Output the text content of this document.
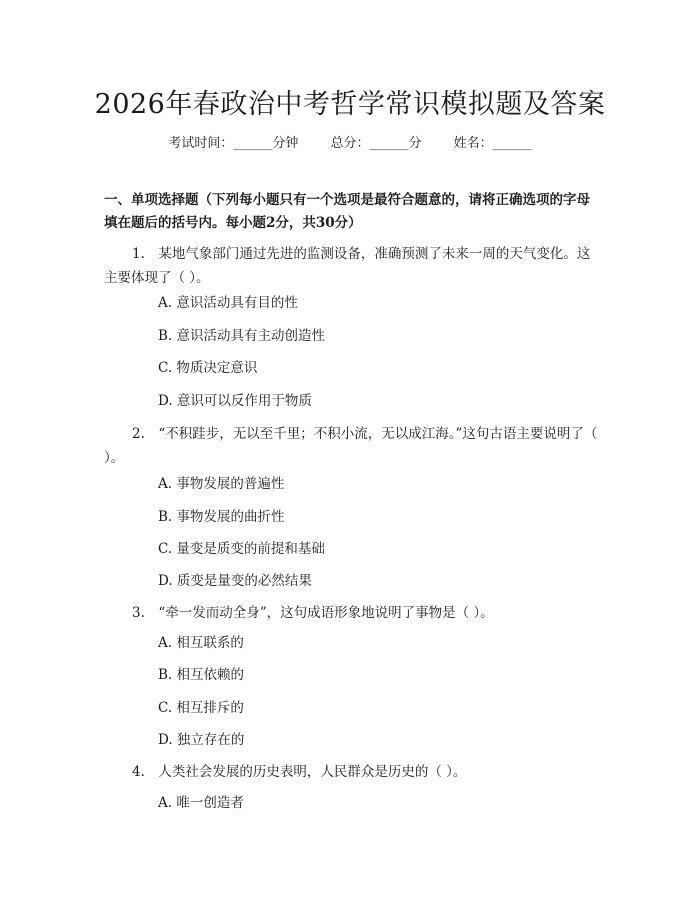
2026年春政治中考哲学常识模拟题及答案
考试时间：______分钟 总分：______分 姓名：______

一、单项选择题（下列每小题只有一个选项是最符合题意的，请将正确选项的字母填在题后的括号内。每小题2分，共30分）

1.　某地气象部门通过先进的监测设备，准确预测了未来一周的天气变化。这主要体现了（ ）。

A. 意识活动具有目的性

B. 意识活动具有主动创造性

C. 物质决定意识

D. 意识可以反作用于物质

2.　“不积跬步，无以至千里；不积小流，无以成江海。”这句古语主要说明了（ ）。

A. 事物发展的普遍性

B. 事物发展的曲折性

C. 量变是质变的前提和基础

D. 质变是量变的必然结果

3.　“牵一发而动全身”，这句成语形象地说明了事物是（ ）。

A. 相互联系的

B. 相互依赖的

C. 相互排斥的

D. 独立存在的

4.　人类社会发展的历史表明，人民群众是历史的（ ）。

A. 唯一创造者
